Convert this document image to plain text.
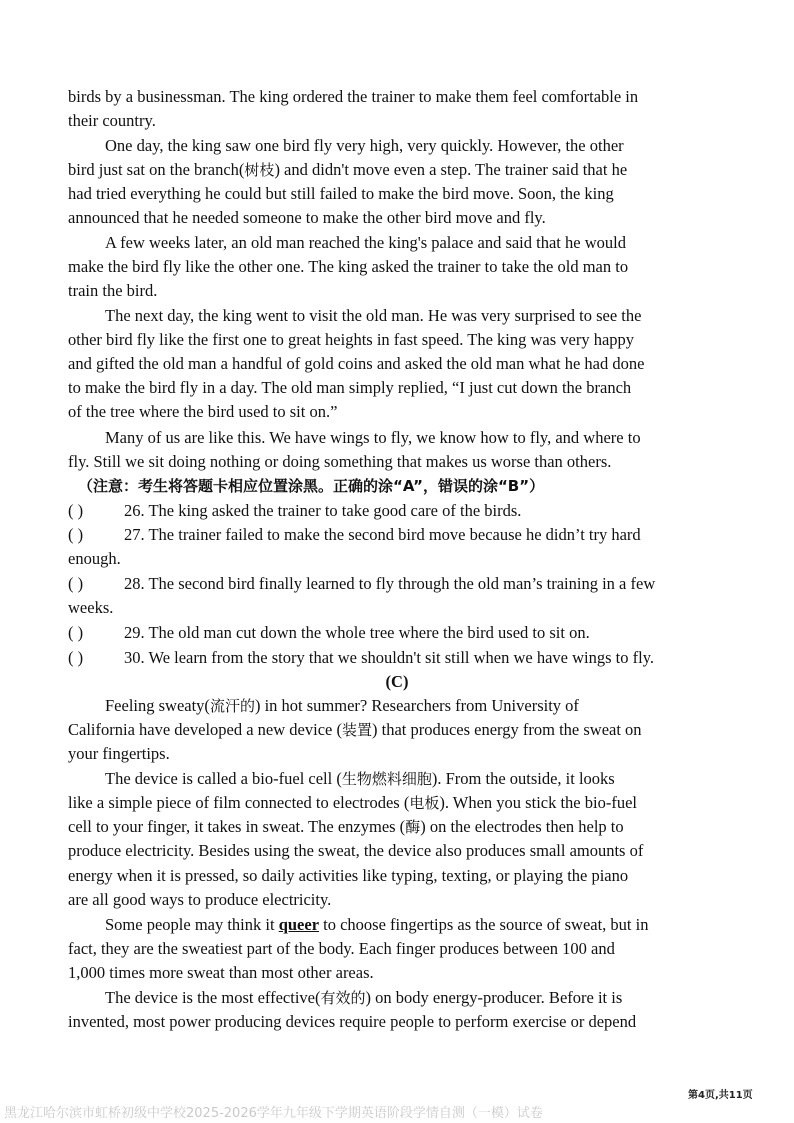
birds by a businessman. The king ordered the trainer to make them feel comfortable in
their country.
One day, the king saw one bird fly very high, very quickly. However, the other
bird just sat on the branch(树枝) and didn't move even a step. The trainer said that he
had tried everything he could but still failed to make the bird move. Soon, the king
announced that he needed someone to make the other bird move and fly.
A few weeks later, an old man reached the king's palace and said that he would
make the bird fly like the other one. The king asked the trainer to take the old man to
train the bird.
The next day, the king went to visit the old man. He was very surprised to see the
other bird fly like the first one to great heights in fast speed. The king was very happy
and gifted the old man a handful of gold coins and asked the old man what he had done
to make the bird fly in a day. The old man simply replied, “I just cut down the branch
of the tree where the bird used to sit on.”
Many of us are like this. We have wings to fly, we know how to fly, and where to
fly. Still we sit doing nothing or doing something that makes us worse than others.
（注意：考生将答题卡相应位置涂黑。正确的涂“A”，错误的涂“B”）
( ) 26. The king asked the trainer to take good care of the birds.
( ) 27. The trainer failed to make the second bird move because he didn’t try hard
enough.
( ) 28. The second bird finally learned to fly through the old man’s training in a few
weeks.
( ) 29. The old man cut down the whole tree where the bird used to sit on.
( ) 30. We learn from the story that we shouldn't sit still when we have wings to fly.
(C)
Feeling sweaty(流汗的) in hot summer? Researchers from University of
California have developed a new device (装置) that produces energy from the sweat on
your fingertips.
The device is called a bio-fuel cell (生物燃料细胞). From the outside, it looks
like a simple piece of film connected to electrodes (电板). When you stick the bio-fuel
cell to your finger, it takes in sweat. The enzymes (酶) on the electrodes then help to
produce electricity. Besides using the sweat, the device also produces small amounts of
energy when it is pressed, so daily activities like typing, texting, or playing the piano
are all good ways to produce electricity.
Some people may think it queer to choose fingertips as the source of sweat, but in
fact, they are the sweatiest part of the body. Each finger produces between 100 and
1,000 times more sweat than most other areas.
The device is the most effective(有效的) on body energy-producer. Before it is
invented, most power producing devices require people to perform exercise or depend
第4页,共11页
黑龙江哈尔滨市虹桥初级中学校2025-2026学年九年级下学期英语阶段学情自测（一模）试卷
